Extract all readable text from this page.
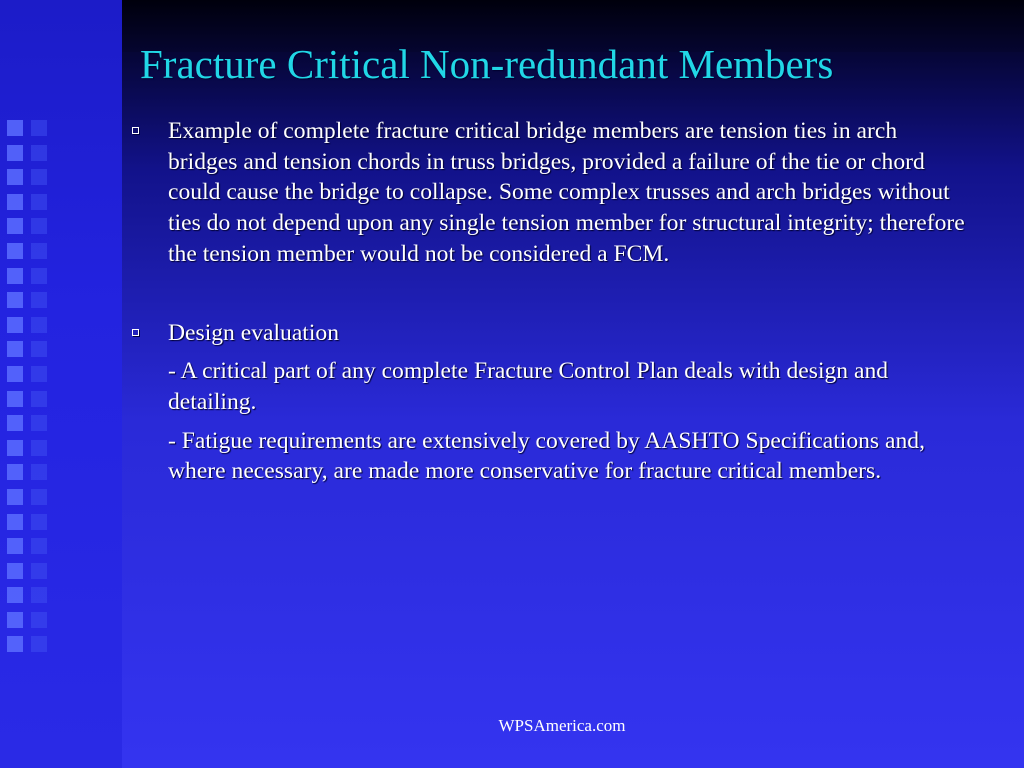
Fracture Critical Non-redundant Members

Example of complete fracture critical bridge members are tension ties in arch bridges and tension chords in truss bridges, provided a failure of the tie or chord could cause the bridge to collapse. Some complex trusses and arch bridges without ties do not depend upon any single tension member for structural integrity; therefore the tension member would not be considered a FCM.

Design evaluation

- A critical part of any complete Fracture Control Plan deals with design and detailing.

- Fatigue requirements are extensively covered by AASHTO Specifications and, where necessary, are made more conservative for fracture critical members.

WPSAmerica.com
